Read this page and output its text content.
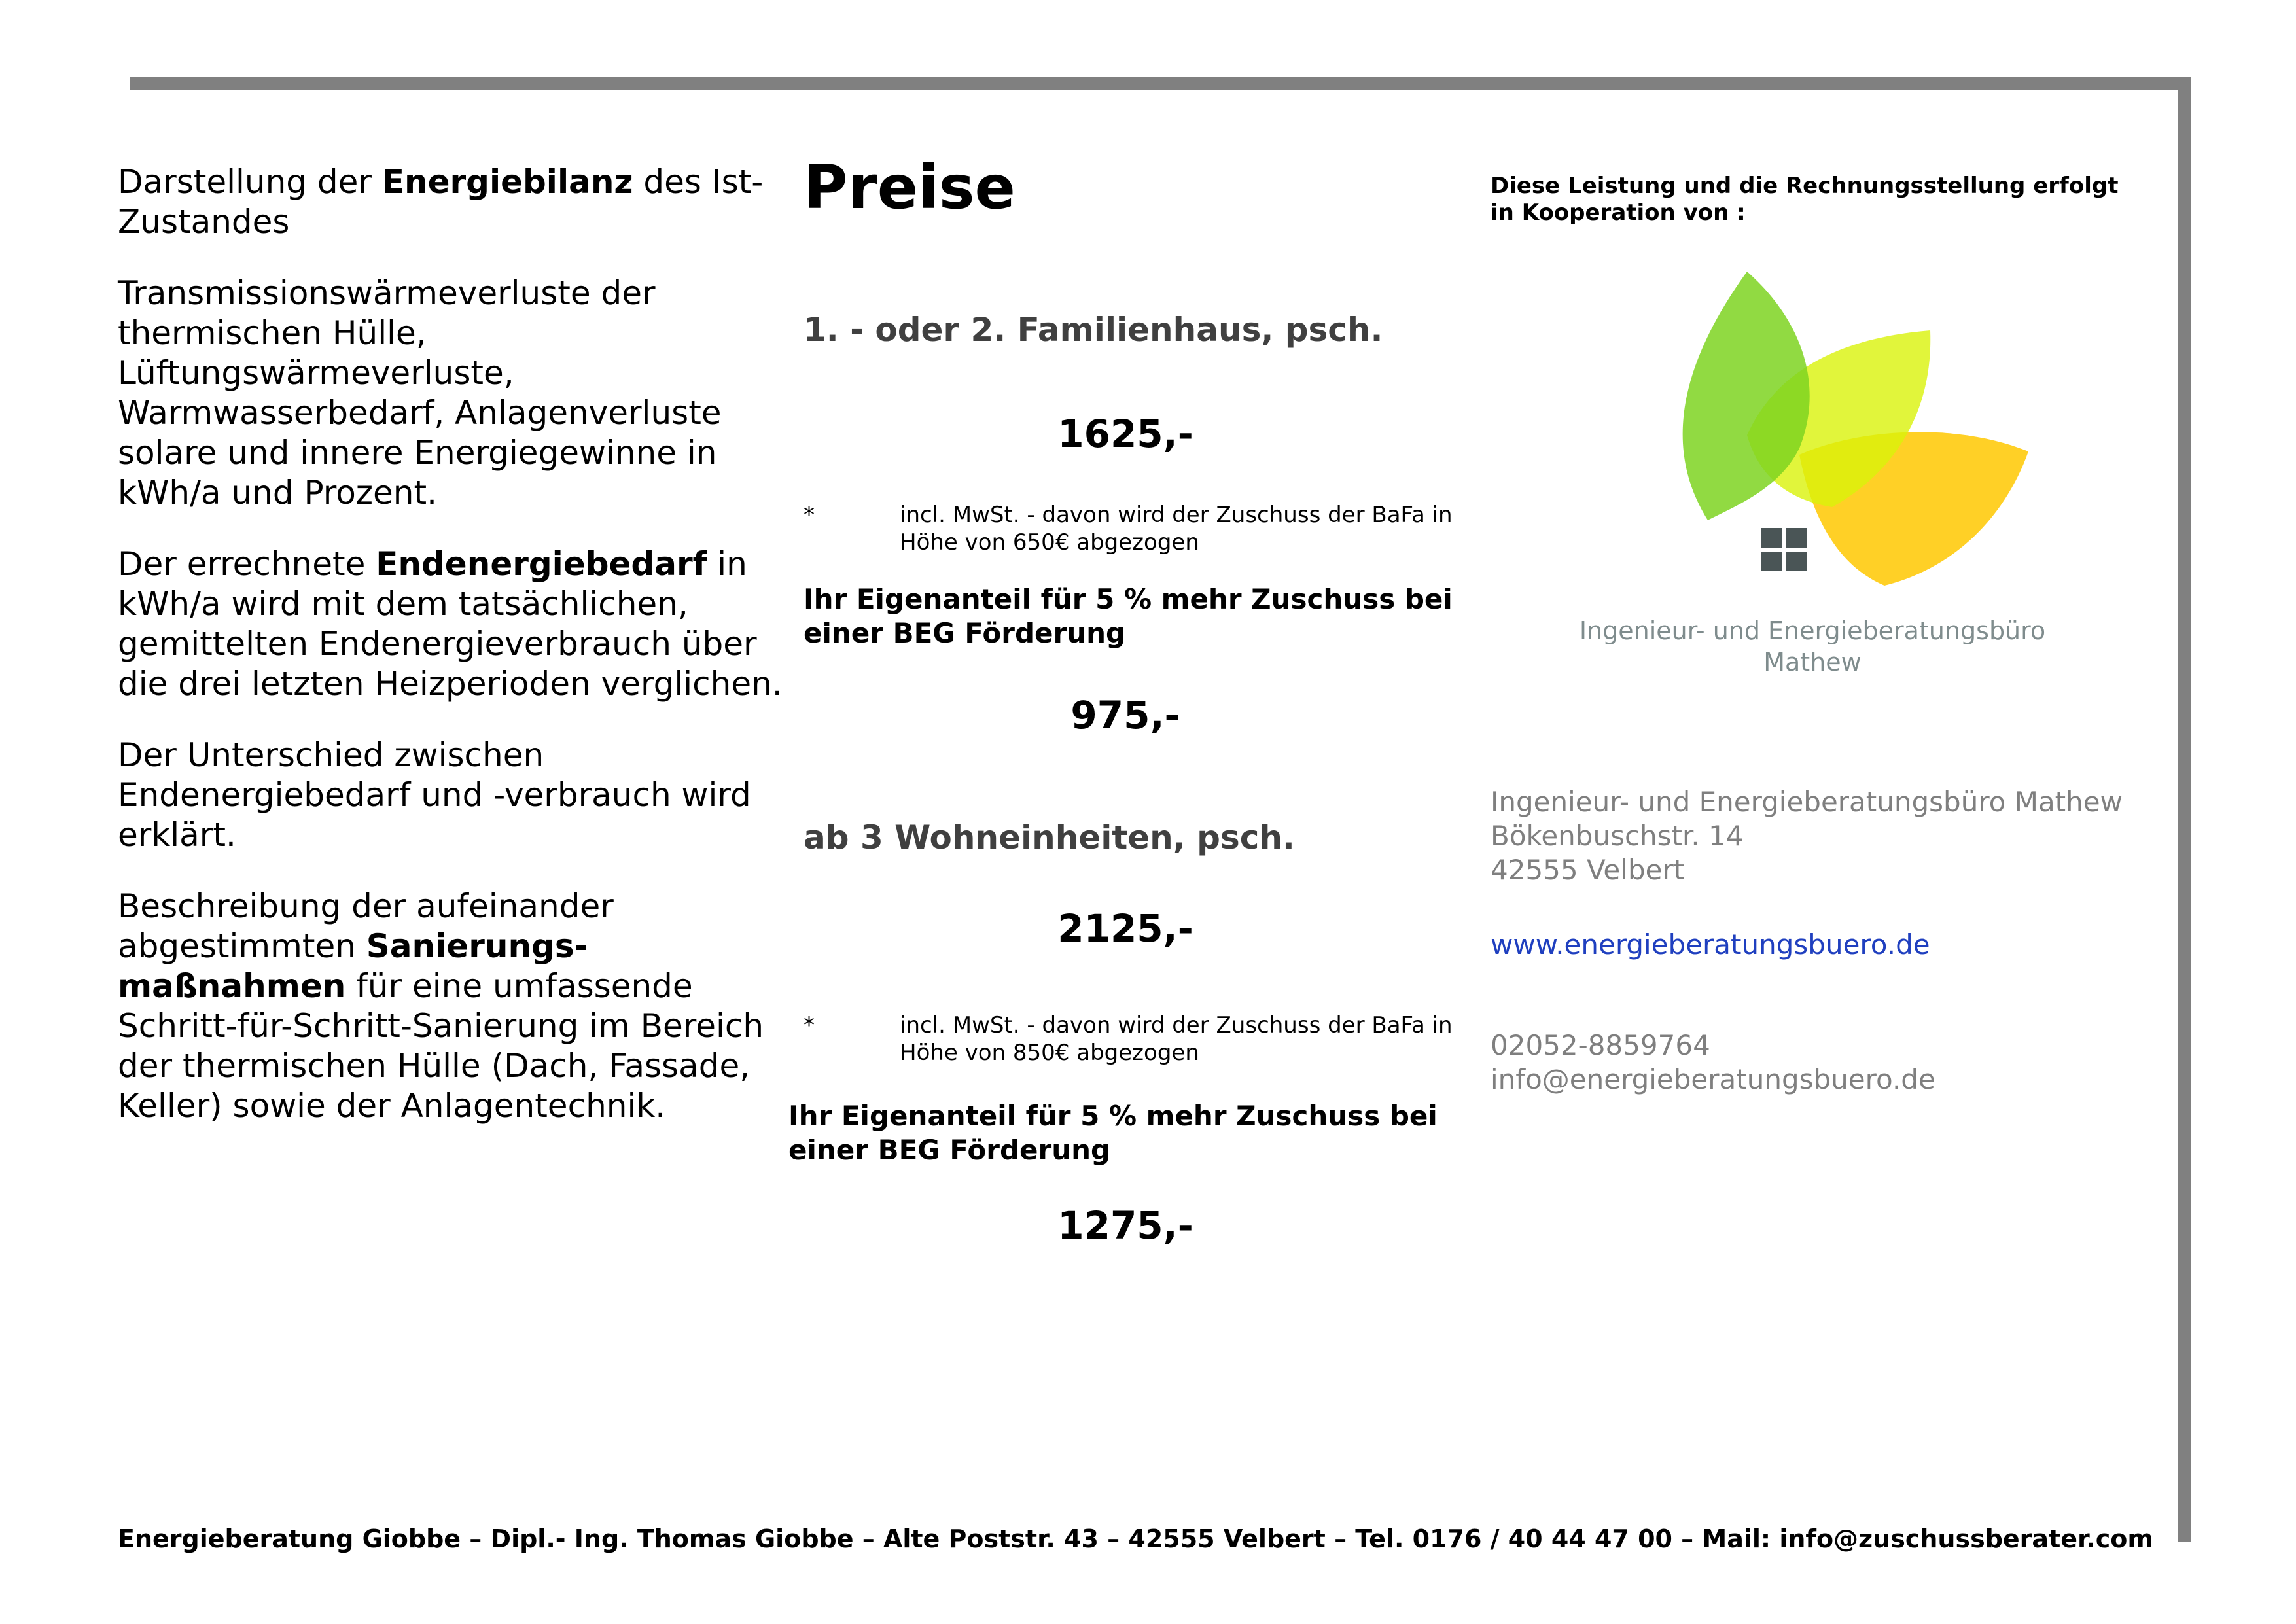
Darstellung der Energiebilanz des Ist-Zustandes

Transmissionswärmeverluste der thermischen Hülle, Lüftungswärmeverluste, Warmwasserbedarf, Anlagenverluste solare und innere Energiegewinne in kWh/a und Prozent.

Der errechnete Endenergiebedarf in kWh/a wird mit dem tatsächlichen, gemittelten Endenergieverbrauch über die drei letzten Heizperioden verglichen.

Der Unterschied zwischen Endenergiebedarf und -verbrauch wird erklärt.

Beschreibung der aufeinander abgestimmten Sanierungs-maßnahmen für eine umfassende Schritt-für-Schritt-Sanierung im Bereich der thermischen Hülle (Dach, Fassade, Keller) sowie der Anlagentechnik.

Preise
1. - oder 2. Familienhaus, psch.
1625,-
*	incl. MwSt. - davon wird der Zuschuss der BaFa in Höhe von 650€ abgezogen
Ihr Eigenanteil für 5 % mehr Zuschuss bei einer BEG Förderung
975,-
ab 3 Wohneinheiten, psch.
2125,-
*	incl. MwSt. - davon wird der Zuschuss der BaFa in Höhe von 850€ abgezogen
Ihr Eigenanteil für 5 % mehr Zuschuss bei einer BEG Förderung
1275,-
Diese Leistung und die Rechnungsstellung erfolgt in Kooperation von :
Ingenieur- und Energieberatungsbüro
Mathew
Ingenieur- und Energieberatungsbüro Mathew
Bökenbuschstr. 14
42555 Velbert
www.energieberatungsbuero.de
02052-8859764
info@energieberatungsbuero.de
Energieberatung Giobbe – Dipl.- Ing. Thomas Giobbe – Alte Poststr. 43 – 42555 Velbert – Tel. 0176 / 40 44 47 00 – Mail: info@zuschussberater.com
